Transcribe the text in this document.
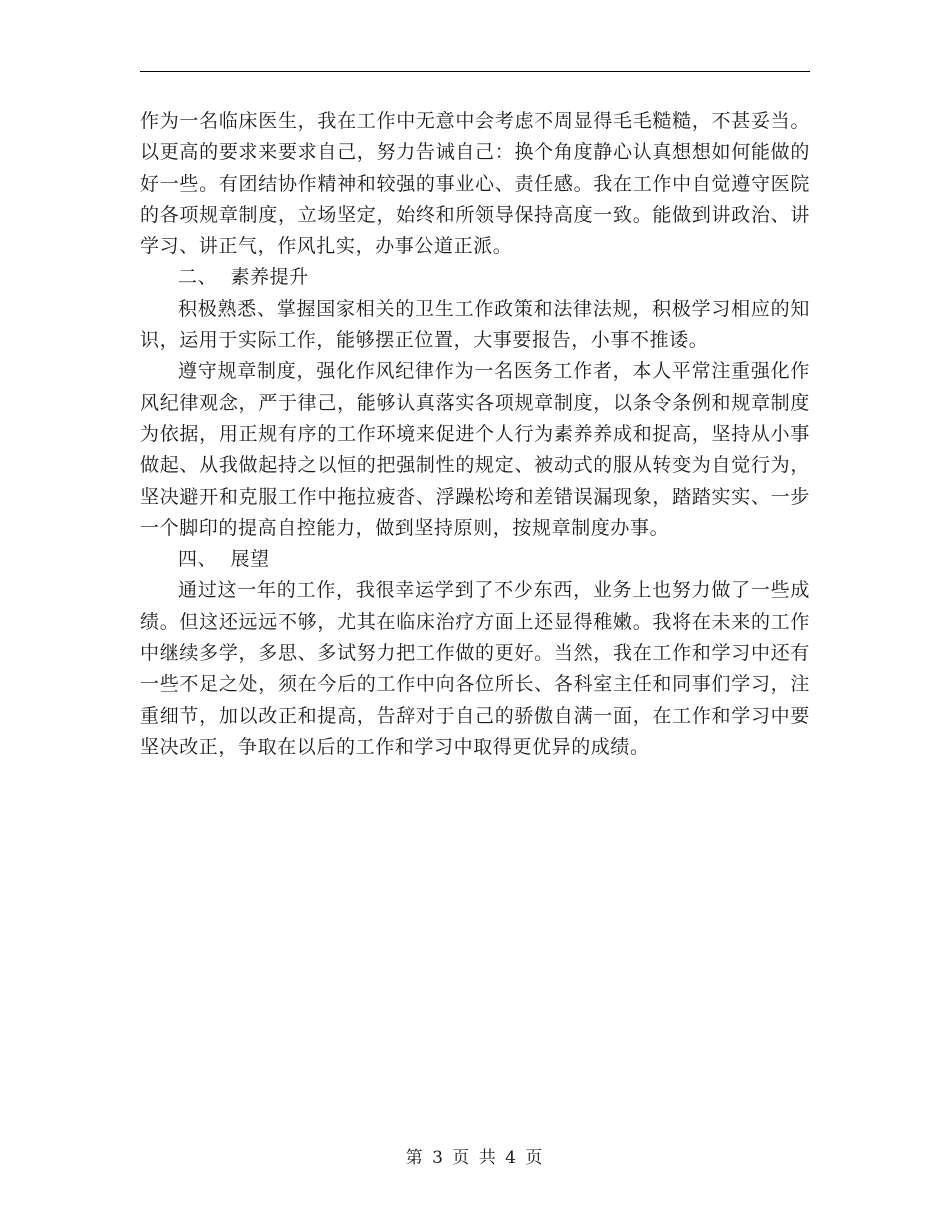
作为一名临床医生，我在工作中无意中会考虑不周显得毛毛糙糙，不甚妥当。以更高的要求来要求自己，努力告诫自己：换个角度静心认真想想如何能做的好一些。有团结协作精神和较强的事业心、责任感。我在工作中自觉遵守医院的各项规章制度，立场坚定，始终和所领导保持高度一致。能做到讲政治、讲学习、讲正气，作风扎实，办事公道正派。

二、  素养提升

积极熟悉、掌握国家相关的卫生工作政策和法律法规，积极学习相应的知识，运用于实际工作，能够摆正位置，大事要报告，小事不推诿。

遵守规章制度，强化作风纪律作为一名医务工作者，本人平常注重强化作风纪律观念，严于律己，能够认真落实各项规章制度，以条令条例和规章制度为依据，用正规有序的工作环境来促进个人行为素养养成和捉高，坚持从小事做起、从我做起持之以恒的把强制性的规定、被动式的服从转变为自觉行为，坚决避开和克服工作中拖拉疲沓、浮躁松垮和差错误漏现象，踏踏实实、一步一个脚印的提高自控能力，做到坚持原则，按规章制度办事。

四、  展望

通过这一年的工作，我很幸运学到了不少东西，业务上也努力做了一些成绩。但这还远远不够，尤其在临床治疗方面上还显得稚嫩。我将在未来的工作中继续多学，多思、多试努力把工作做的更好。当然，我在工作和学习中还有一些不足之处，须在今后的工作中向各位所长、各科室主任和同事们学习，注重细节，加以改正和提高，告辞对于自己的骄傲自满一面，在工作和学习中要坚决改正，争取在以后的工作和学习中取得更优异的成绩。

第 3 页 共 4 页
